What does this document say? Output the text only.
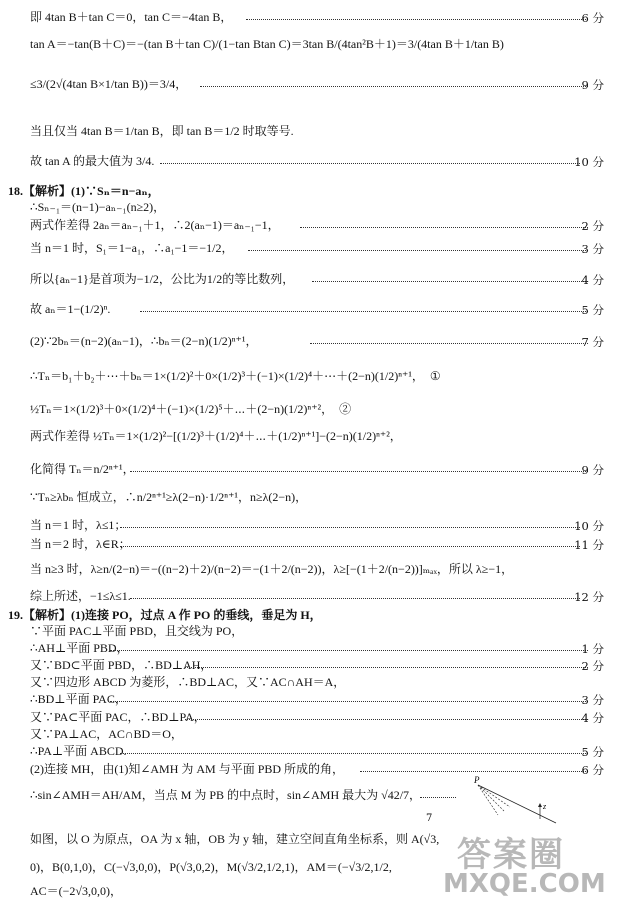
即 4tan B＋tan C＝0，tan C＝−4tan B，	6 分
tan A＝−tan(B＋C)＝−(tan B＋tan C)/(1−tan Btan C)＝3tan B/(4tan²B＋1)＝3/(4tan B＋1/tan B)
≤3/(2√(4tan B×1/tan B))＝3/4，	9 分
当且仅当 4tan B＝1/tan B，即 tan B＝1/2 时取等号.
故 tan A 的最大值为 3/4.	10 分
18.【解析】(1)∵Sₙ＝n−aₙ，
∴Sₙ₋₁＝(n−1)−aₙ₋₁(n≥2)，
两式作差得 2aₙ＝aₙ₋₁＋1，∴2(aₙ−1)＝aₙ₋₁−1，	2 分
当 n＝1 时，S₁＝1−a₁，∴a₁−1＝−1/2，	3 分
所以{aₙ−1}是首项为−1/2，公比为1/2的等比数列，	4 分
故 aₙ＝1−(1/2)ⁿ.	5 分
(2)∵2bₙ＝(n−2)(aₙ−1)，∴bₙ＝(2−n)(1/2)ⁿ⁺¹，	7 分
∴Tₙ＝b₁＋b₂＋⋯＋bₙ＝1×(1/2)²＋0×(1/2)³＋(−1)×(1/2)⁴＋⋯＋(2−n)(1/2)ⁿ⁺¹，　①
½Tₙ＝1×(1/2)³＋0×(1/2)⁴＋(−1)×(1/2)⁵＋⋯＋(2−n)(1/2)ⁿ⁺²，　②
两式作差得 ½Tₙ＝1×(1/2)²−[(1/2)³＋(1/2)⁴＋⋯＋(1/2)ⁿ⁺¹]−(2−n)(1/2)ⁿ⁺²，
化简得 Tₙ＝n/2ⁿ⁺¹，	9 分
∵Tₙ≥λbₙ 恒成立，∴n/2ⁿ⁺¹≥λ(2−n)·1/2ⁿ⁺¹，n≥λ(2−n)，
当 n＝1 时，λ≤1；	10 分
当 n＝2 时，λ∈R；	11 分
当 n≥3 时，λ≥n/(2−n)＝−((n−2)＋2)/(n−2)＝−(1＋2/(n−2))，λ≥[−(1＋2/(n−2))]ₘₐₓ，所以 λ≥−1，
综上所述，−1≤λ≤1.	12 分
19.【解析】(1)连接 PO，过点 A 作 PO 的垂线，垂足为 H，
∵平面 PAC⊥平面 PBD，且交线为 PO，
∴AH⊥平面 PBD，	1 分
又∵BD⊂平面 PBD，∴BD⊥AH，	2 分
又∵四边形 ABCD 为菱形，∴BD⊥AC，又∵AC∩AH＝A，
∴BD⊥平面 PAC，	3 分
又∵PA⊂平面 PAC，∴BD⊥PA，	4 分
又∵PA⊥AC，AC∩BD＝O，
∴PA⊥平面 ABCD.	5 分
(2)连接 MH，由(1)知∠AMH 为 AM 与平面 PBD 所成的角，	6 分
∴sin∠AMH＝AH/AM，当点 M 为 PB 的中点时，sin∠AMH 最大为 √42/7，
如图，以 O 为原点，OA 为 x 轴，OB 为 y 轴，建立空间直角坐标系，则 A(√3,
0)，B(0,1,0)，C(−√3,0,0)，P(√3,0,2)，M(√3/2,1/2,1)，AM＝(−√3/2,1/2,
AC＝(−2√3,0,0)，
P
z
答案圈
MXQE.COM
7
